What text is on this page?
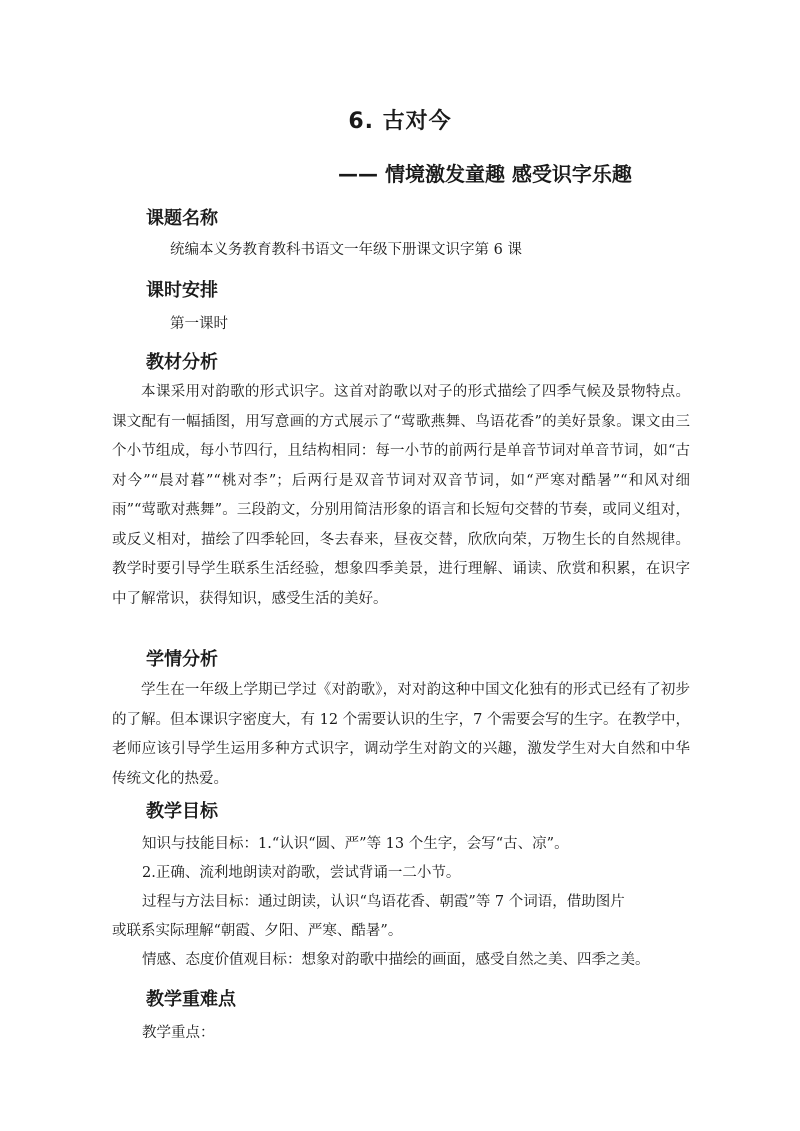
6. 古对今
—— 情境激发童趣 感受识字乐趣
课题名称
统编本义务教育教科书语文一年级下册课文识字第 6 课
课时安排
第一课时
教材分析
本课采用对韵歌的形式识字。这首对韵歌以对子的形式描绘了四季气候及景物特点。课文配有一幅插图，用写意画的方式展示了“莺歌燕舞、鸟语花香”的美好景象。课文由三个小节组成，每小节四行，且结构相同：每一小节的前两行是单音节词对单音节词，如“古对今”“晨对暮”“桃对李”；后两行是双音节词对双音节词，如“严寒对酷暑”“和风对细雨”“莺歌对燕舞”。三段韵文，分别用简洁形象的语言和长短句交替的节奏，或同义组对，或反义相对，描绘了四季轮回，冬去春来，昼夜交替，欣欣向荣，万物生长的自然规律。教学时要引导学生联系生活经验，想象四季美景，进行理解、诵读、欣赏和积累，在识字中了解常识，获得知识，感受生活的美好。
学情分析
学生在一年级上学期已学过《对韵歌》，对对韵这种中国文化独有的形式已经有了初步的了解。但本课识字密度大，有 12 个需要认识的生字，7 个需要会写的生字。在教学中，老师应该引导学生运用多种方式识字，调动学生对韵文的兴趣，激发学生对大自然和中华传统文化的热爱。
教学目标
知识与技能目标：1.“认识“圆、严”等 13 个生字，会写“古、凉”。
2.正确、流利地朗读对韵歌，尝试背诵一二小节。
过程与方法目标：通过朗读，认识“鸟语花香、朝霞”等 7 个词语，借助图片
或联系实际理解“朝霞、夕阳、严寒、酷暑”。
情感、态度价值观目标：想象对韵歌中描绘的画面，感受自然之美、四季之美。
教学重难点
教学重点：
